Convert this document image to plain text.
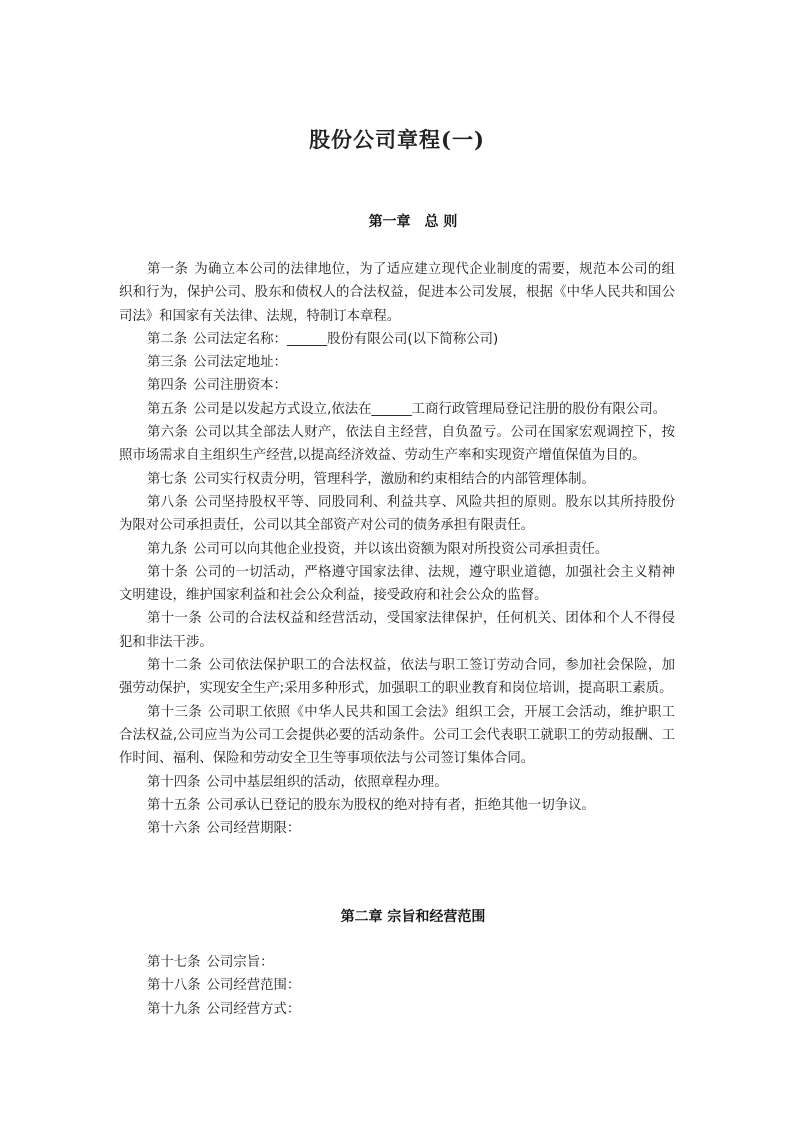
股份公司章程(一)
第一章　总 则

第一条 为确立本公司的法律地位，为了适应建立现代企业制度的需要，规范本公司的组织和行为，保护公司、股东和债权人的合法权益，促进本公司发展，根据《中华人民共和国公司法》和国家有关法律、法规，特制订本章程。

第二条 公司法定名称：______股份有限公司(以下简称公司)

第三条 公司法定地址：

第四条 公司注册资本：

第五条 公司是以发起方式设立,依法在______工商行政管理局登记注册的股份有限公司。

第六条 公司以其全部法人财产，依法自主经营，自负盈亏。公司在国家宏观调控下，按照市场需求自主组织生产经营,以提高经济效益、劳动生产率和实现资产增值保值为目的。

第七条 公司实行权责分明，管理科学，激励和约束相结合的内部管理体制。

第八条 公司坚持股权平等、同股同利、利益共享、风险共担的原则。股东以其所持股份为限对公司承担责任，公司以其全部资产对公司的债务承担有限责任。

第九条 公司可以向其他企业投资，并以该出资额为限对所投资公司承担责任。

第十条 公司的一切活动，严格遵守国家法律、法规，遵守职业道德，加强社会主义精神文明建设，维护国家利益和社会公众利益，接受政府和社会公众的监督。

第十一条 公司的合法权益和经营活动，受国家法律保护，任何机关、团体和个人不得侵犯和非法干涉。

第十二条 公司依法保护职工的合法权益，依法与职工签订劳动合同，参加社会保险，加强劳动保护，实现安全生产;采用多种形式，加强职工的职业教育和岗位培训，提高职工素质。

第十三条 公司职工依照《中华人民共和国工会法》组织工会，开展工会活动，维护职工合法权益,公司应当为公司工会提供必要的活动条件。公司工会代表职工就职工的劳动报酬、工作时间、福利、保险和劳动安全卫生等事项依法与公司签订集体合同。

第十四条 公司中基层组织的活动，依照章程办理。

第十五条 公司承认已登记的股东为股权的绝对持有者，拒绝其他一切争议。

第十六条 公司经营期限：

第二章 宗旨和经营范围

第十七条 公司宗旨：

第十八条 公司经营范围：

第十九条 公司经营方式：
